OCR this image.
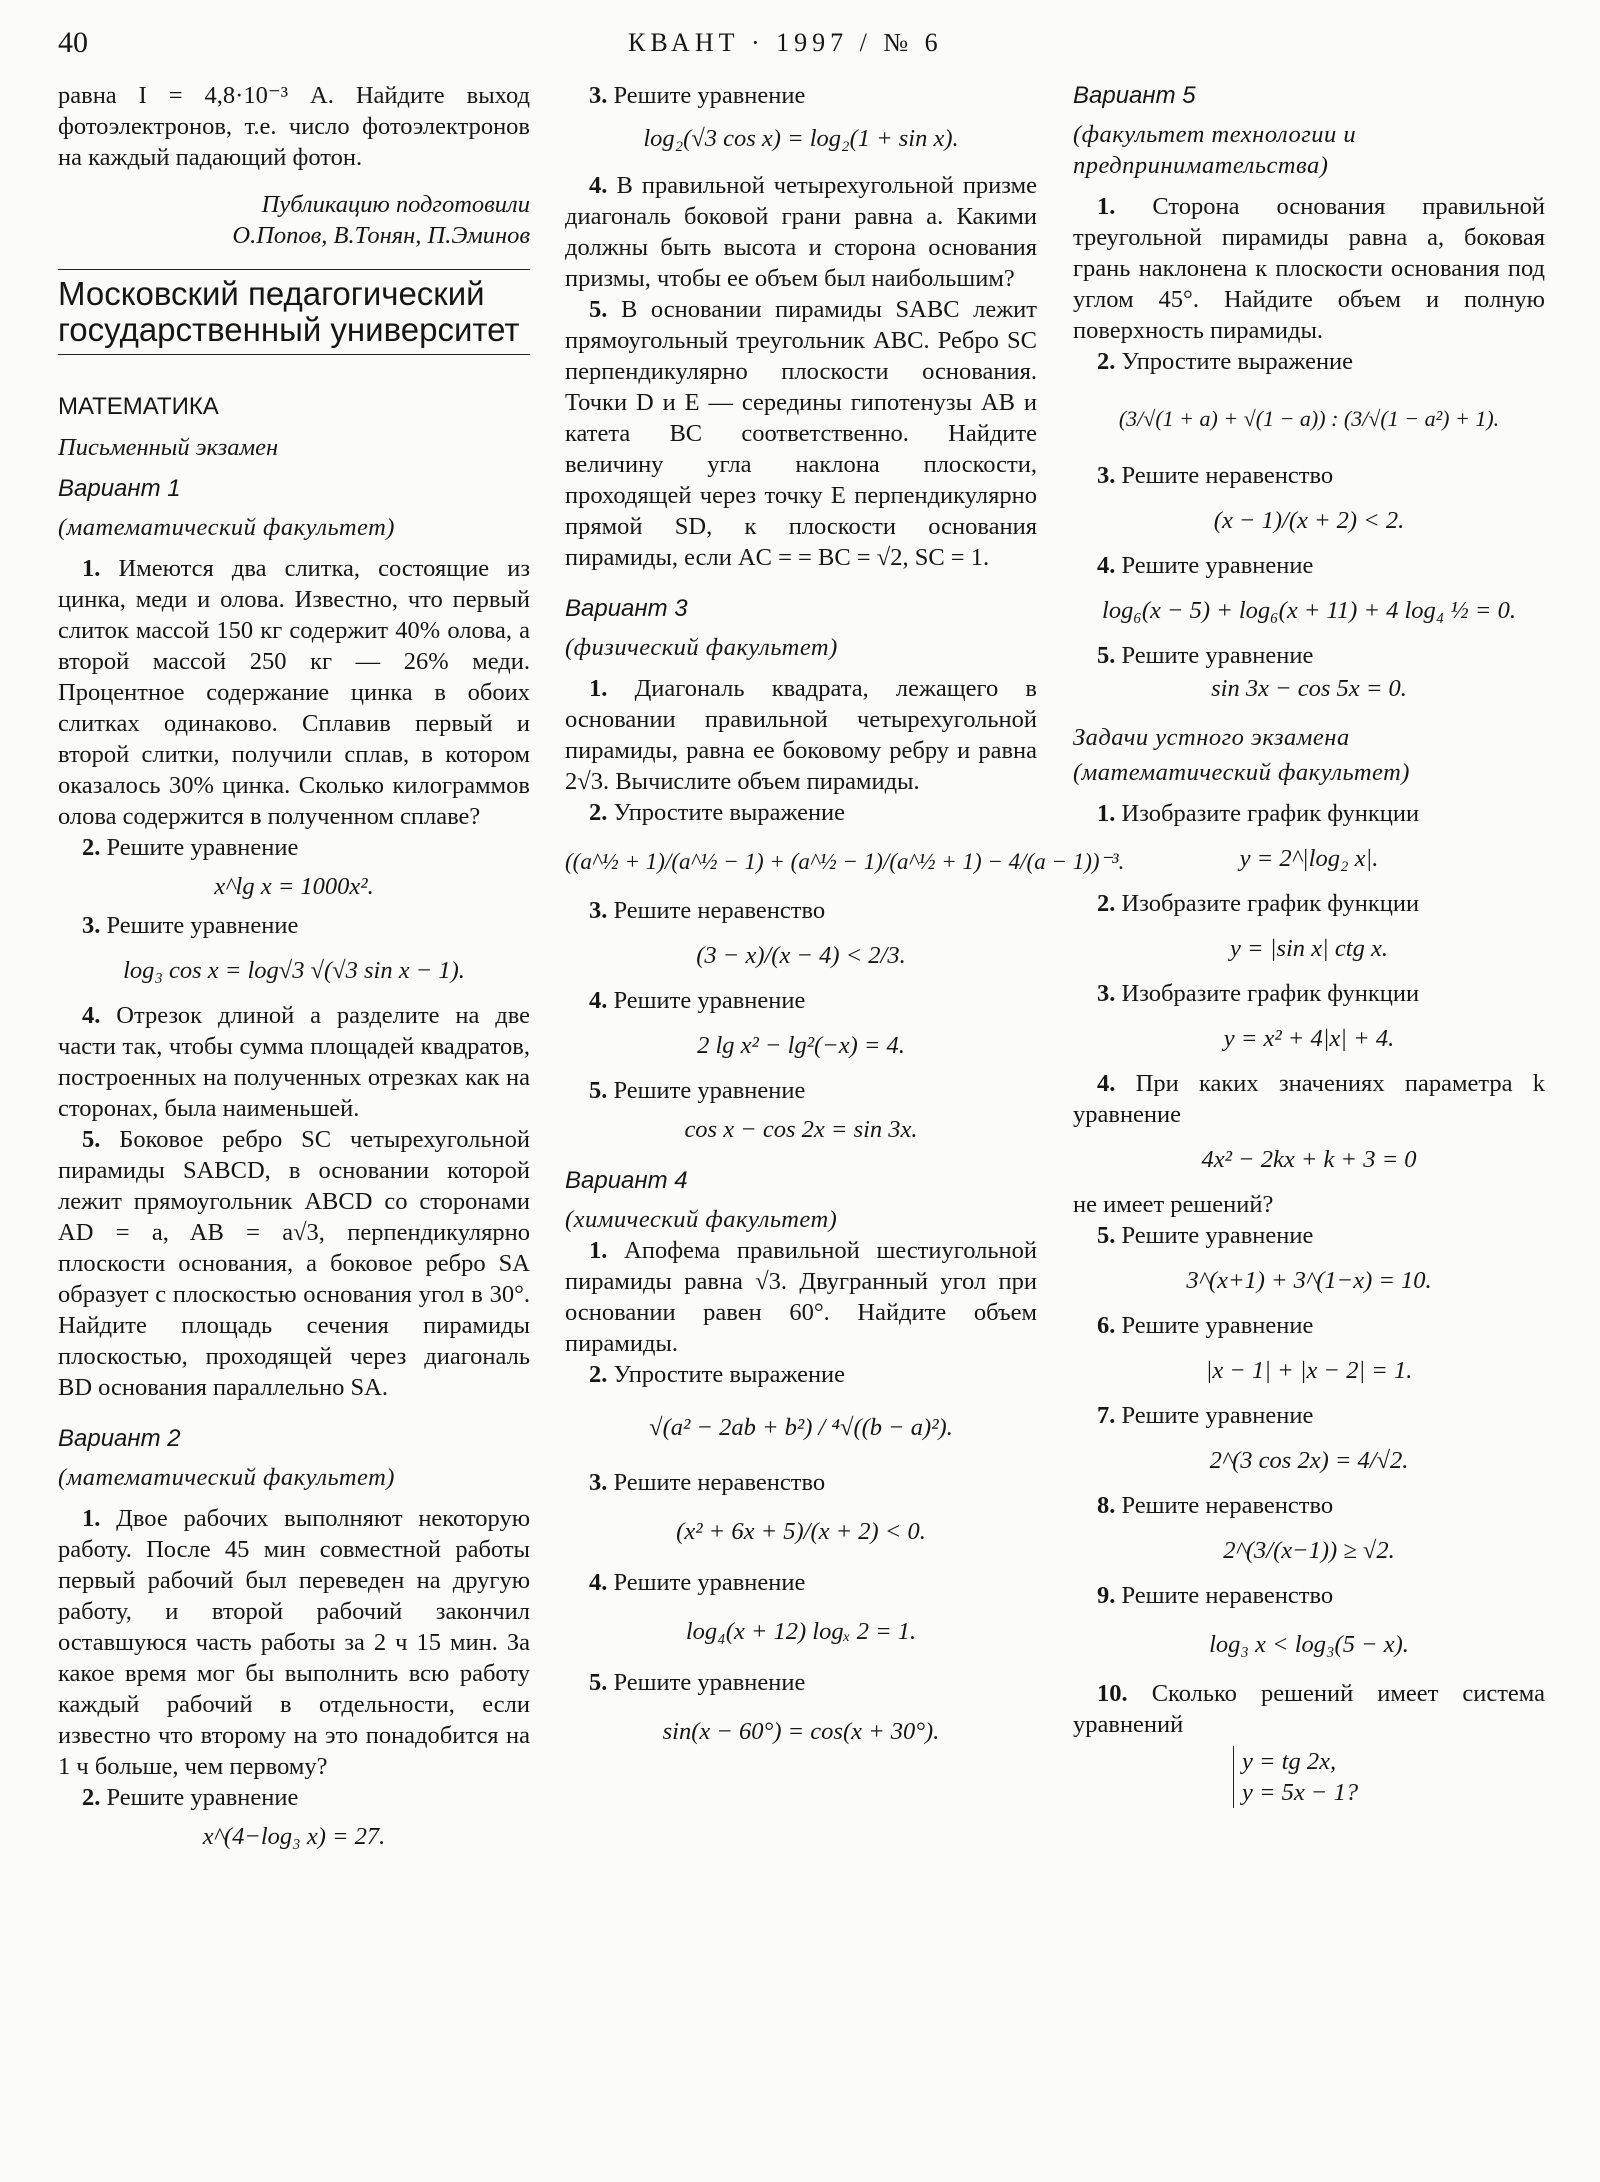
40	КВАНТ · 1997 / № 6

равна I = 4,8·10⁻³ А. Найдите выход фотоэлектронов, т.е. число фотоэлектронов на каждый падающий фотон.

Публикацию подготовили
О.Попов, В.Тонян, П.Эминов
Московский педагогический государственный университет
МАТЕМАТИКА
Письменный экзамен
Вариант 1
(математический факультет)

1. Имеются два слитка, состоящие из цинка, меди и олова. Известно, что первый слиток массой 150 кг содержит 40% олова, а второй массой 250 кг — 26% меди. Процентное содержание цинка в обоих слитках одинаково. Сплавив первый и второй слитки, получили сплав, в котором оказалось 30% цинка. Сколько килограммов олова содержится в полученном сплаве?

2. Решите уравнение

x^lg x = 1000x².

3. Решите уравнение

log₃ cos x = log√3 √(√3 sin x − 1).

4. Отрезок длиной a разделите на две части так, чтобы сумма площадей квадратов, построенных на полученных отрезках как на сторонах, была наименьшей.

5. Боковое ребро SC четырехугольной пирамиды SABCD, в основании которой лежит прямоугольник ABCD со сторонами AD = a, AB = a√3, перпендикулярно плоскости основания, а боковое ребро SA образует с плоскостью основания угол в 30°. Найдите площадь сечения пирамиды плоскостью, проходящей через диагональ BD основания параллельно SA.

Вариант 2
(математический факультет)

1. Двое рабочих выполняют некоторую работу. После 45 мин совместной работы первый рабочий был переведен на другую работу, и второй рабочий закончил оставшуюся часть работы за 2 ч 15 мин. За какое время мог бы выполнить всю работу каждый рабочий в отдельности, если известно что второму на это понадобится на 1 ч больше, чем первому?

2. Решите уравнение

x^(4−log₃ x) = 27.

3. Решите уравнение

log₂(√3 cos x) = log₂(1 + sin x).

4. В правильной четырехугольной призме диагональ боковой грани равна a. Какими должны быть высота и сторона основания призмы, чтобы ее объем был наибольшим?

5. В основании пирамиды SABC лежит прямоугольный треугольник ABC. Ребро SC перпендикулярно плоскости основания. Точки D и E — середины гипотенузы AB и катета BC соответственно. Найдите величину угла наклона плоскости, проходящей через точку E перпендикулярно прямой SD, к плоскости основания пирамиды, если AC = = BC = √2, SC = 1.

Вариант 3
(физический факультет)

1. Диагональ квадрата, лежащего в основании правильной четырехугольной пирамиды, равна ее боковому ребру и равна 2√3. Вычислите объем пирамиды.

2. Упростите выражение

((a^½ + 1)/(a^½ − 1) + (a^½ − 1)/(a^½ + 1) − 4/(a − 1))⁻³.

3. Решите неравенство

(3 − x)/(x − 4) < 2/3.

4. Решите уравнение

2 lg x² − lg²(−x) = 4.

5. Решите уравнение

cos x − cos 2x = sin 3x.
Вариант 4
(химический факультет)

1. Апофема правильной шестиугольной пирамиды равна √3. Двугранный угол при основании равен 60°. Найдите объем пирамиды.

2. Упростите выражение

√(a² − 2ab + b²) / ⁴√((b − a)²).

3. Решите неравенство

(x² + 6x + 5)/(x + 2) < 0.

4. Решите уравнение

log₄(x + 12) logₓ 2 = 1.

5. Решите уравнение

sin(x − 60°) = cos(x + 30°).
Вариант 5
(факультет технологии и предпринимательства)

1. Сторона основания правильной треугольной пирамиды равна a, боковая грань наклонена к плоскости основания под углом 45°. Найдите объем и полную поверхность пирамиды.

2. Упростите выражение

(3/√(1 + a) + √(1 − a)) : (3/√(1 − a²) + 1).

3. Решите неравенство

(x − 1)/(x + 2) < 2.

4. Решите уравнение

log₆(x − 5) + log₆(x + 11) + 4 log₄ ½ = 0.

5. Решите уравнение

sin 3x − cos 5x = 0.
Задачи устного экзамена
(математический факультет)

1. Изобразите график функции

y = 2^|log₂ x|.

2. Изобразите график функции

y = |sin x| ctg x.

3. Изобразите график функции

y = x² + 4|x| + 4.

4. При каких значениях параметра k уравнение

4x² − 2kx + k + 3 = 0

не имеет решений?

5. Решите уравнение

3^(x+1) + 3^(1−x) = 10.

6. Решите уравнение

|x − 1| + |x − 2| = 1.

7. Решите уравнение

2^(3 cos 2x) = 4/√2.

8. Решите неравенство

2^(3/(x−1)) ≥ √2.

9. Решите неравенство

log₃ x < log₃(5 − x).

10. Сколько решений имеет система уравнений

y = tg 2x,
y = 5x − 1?
